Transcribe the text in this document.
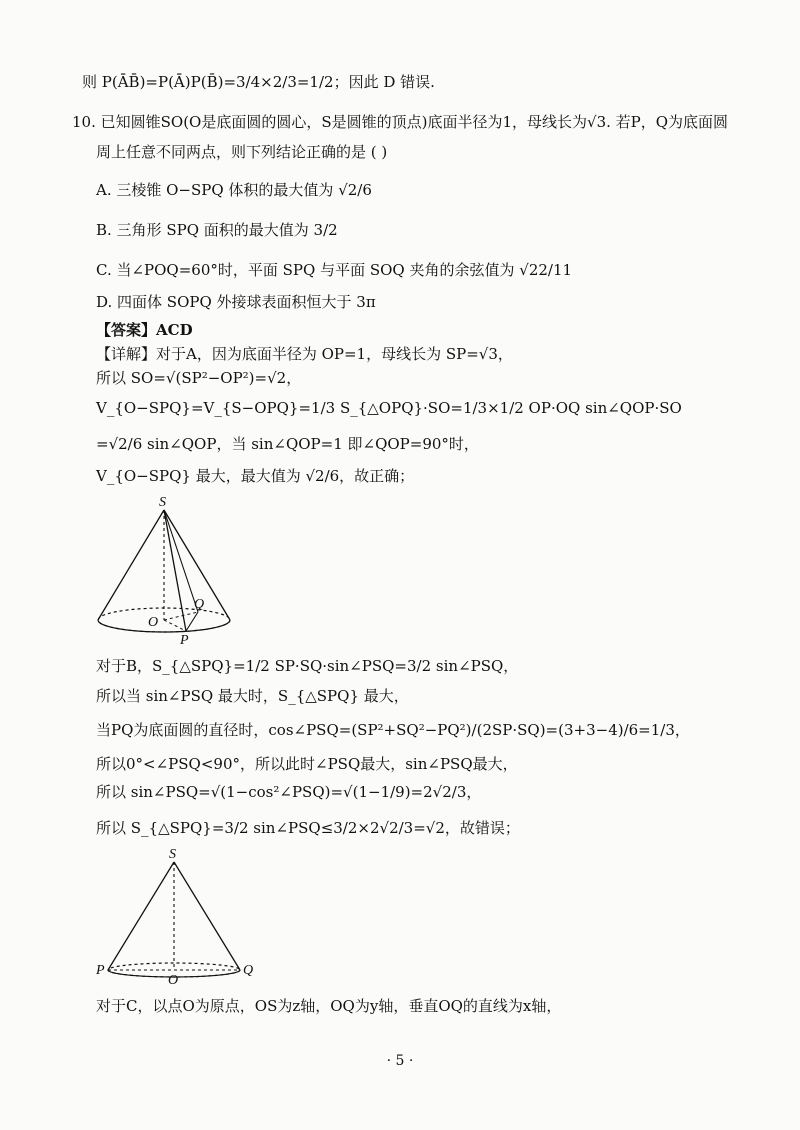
则 P(ĀB̄)=P(Ā)P(B̄)=3/4×2/3=1/2；因此 D 错误.
10. 已知圆锥SO(O是底面圆的圆心，S是圆锥的顶点)底面半径为1，母线长为√3. 若P，Q为底面圆
周上任意不同两点，则下列结论正确的是 ( )
A. 三棱锥 O−SPQ 体积的最大值为 √2/6
B. 三角形 SPQ 面积的最大值为 3/2
C. 当∠POQ=60°时，平面 SPQ 与平面 SOQ 夹角的余弦值为 √22/11
D. 四面体 SOPQ 外接球表面积恒大于 3π
【答案】ACD
【详解】对于A，因为底面半径为 OP=1，母线长为 SP=√3，
所以 SO=√(SP²−OP²)=√2，
V_{O−SPQ}=V_{S−OPQ}=1/3 S_{△OPQ}·SO=1/3×1/2 OP·OQ sin∠QOP·SO
=√2/6 sin∠QOP，当 sin∠QOP=1 即∠QOP=90°时，
V_{O−SPQ} 最大，最大值为 √2/6，故正确；
S
O
P
Q
对于B，S_{△SPQ}=1/2 SP·SQ·sin∠PSQ=3/2 sin∠PSQ，
所以当 sin∠PSQ 最大时，S_{△SPQ} 最大，
当PQ为底面圆的直径时，cos∠PSQ=(SP²+SQ²−PQ²)/(2SP·SQ)=(3+3−4)/6=1/3，
所以0°<∠PSQ<90°，所以此时∠PSQ最大，sin∠PSQ最大，
所以 sin∠PSQ=√(1−cos²∠PSQ)=√(1−1/9)=2√2/3，
所以 S_{△SPQ}=3/2 sin∠PSQ≤3/2×2√2/3=√2，故错误；
S
O
P	Q
对于C，以点O为原点，OS为z轴，OQ为y轴，垂直OQ的直线为x轴，
· 5 ·
